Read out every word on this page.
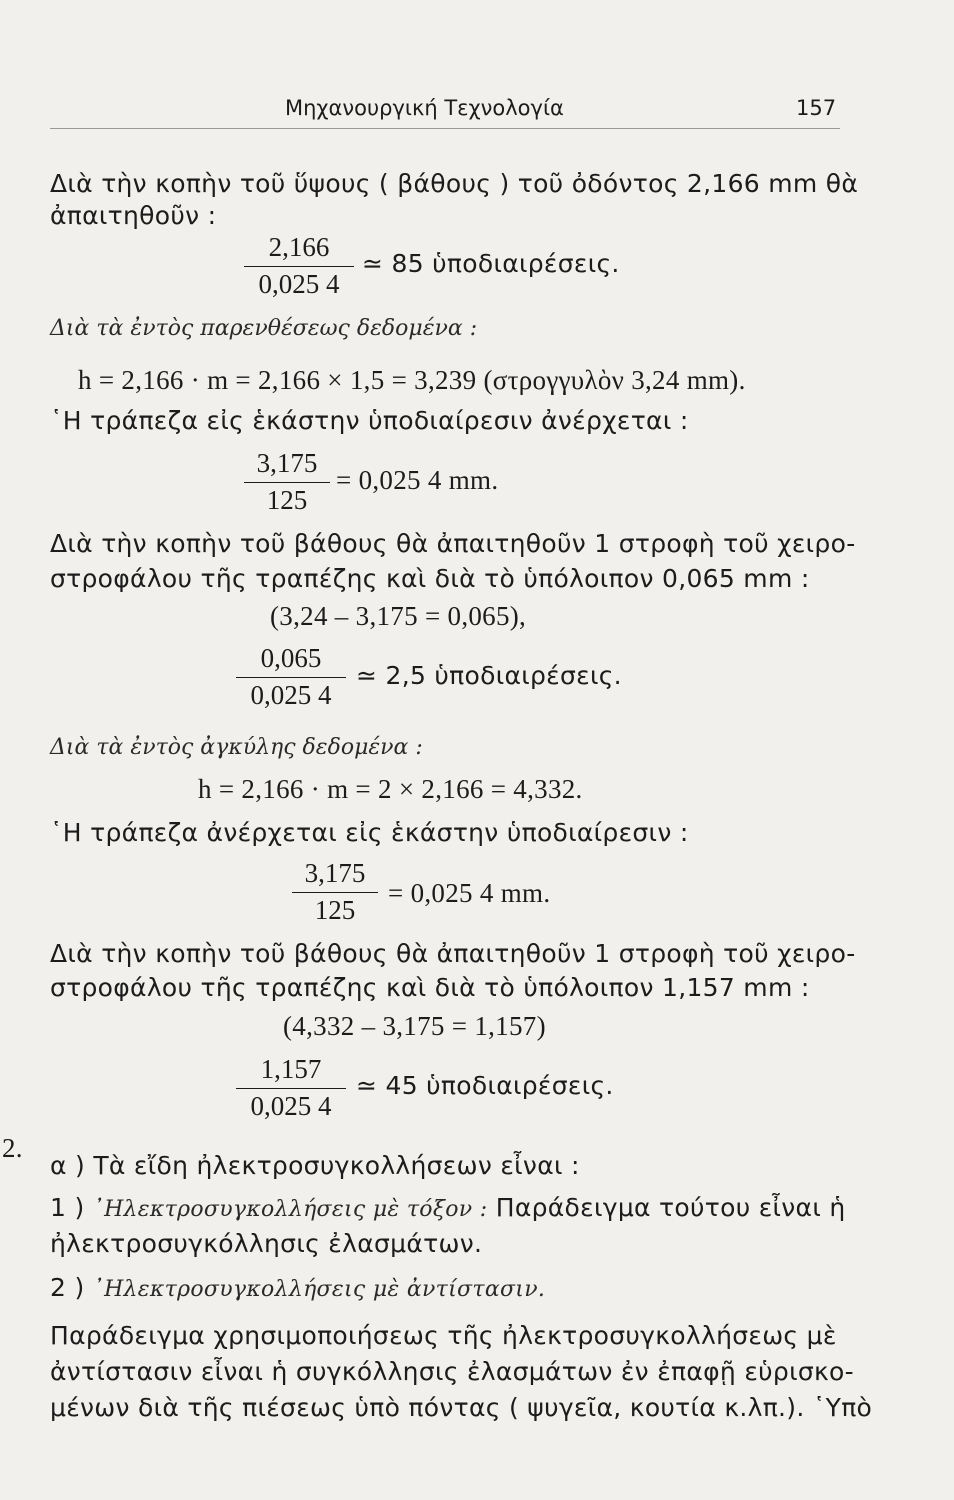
Μηχανουργική Τεχνολογία	157
Διὰ τὴν κοπὴν τοῦ ὕψους ( βάθους ) τοῦ ὀδόντος 2,166 mm θὰ
ἀπαιτηθοῦν :
2,166
0,025 4
≃ 85 ὑποδιαιρέσεις.
Διὰ τὰ ἐντὸς παρενθέσεως δεδομένα :
h = 2,166 · m = 2,166 × 1,5 = 3,239 (στρογγυλὸν 3,24 mm).
῾Η τράπεζα εἰς ἑκάστην ὑποδιαίρεσιν ἀνέρχεται :
3,175
125
= 0,025 4 mm.
Διὰ τὴν κοπὴν τοῦ βάθους θὰ ἀπαιτηθοῦν 1 στροφὴ τοῦ χειρο-
στροφάλου τῆς τραπέζης καὶ διὰ τὸ ὑπόλοιπον 0,065 mm :
(3,24 – 3,175 = 0,065),
0,065
0,025 4
≃ 2,5 ὑποδιαιρέσεις.
Διὰ τὰ ἐντὸς ἀγκύλης δεδομένα :
h = 2,166 · m = 2 × 2,166 = 4,332.
῾Η τράπεζα ἀνέρχεται εἰς ἑκάστην ὑποδιαίρεσιν :
3,175
125
= 0,025 4 mm.
Διὰ τὴν κοπὴν τοῦ βάθους θὰ ἀπαιτηθοῦν 1 στροφὴ τοῦ χειρο-
στροφάλου τῆς τραπέζης καὶ διὰ τὸ ὑπόλοιπον 1,157 mm :
(4,332 – 3,175 = 1,157)
1,157
0,025 4
≃ 45 ὑποδιαιρέσεις.
2.
α ) Τὰ εἴδη ἠλεκτροσυγκολλήσεων εἶναι :
1 ) ᾽Ηλεκτροσυγκολλήσεις μὲ τόξον : Παράδειγμα τούτου εἶναι ἡ
ἠλεκτροσυγκόλλησις ἐλασμάτων.
2 ) ᾽Ηλεκτροσυγκολλήσεις μὲ ἀντίστασιν.
Παράδειγμα χρησιμοποιήσεως τῆς ἠλεκτροσυγκολλήσεως μὲ
ἀντίστασιν εἶναι ἡ συγκόλλησις ἐλασμάτων ἐν ἐπαφῇ εὑρισκο-
μένων διὰ τῆς πιέσεως ὑπὸ πόντας ( ψυγεῖα, κουτία κ.λπ.). ῾Υπὸ
